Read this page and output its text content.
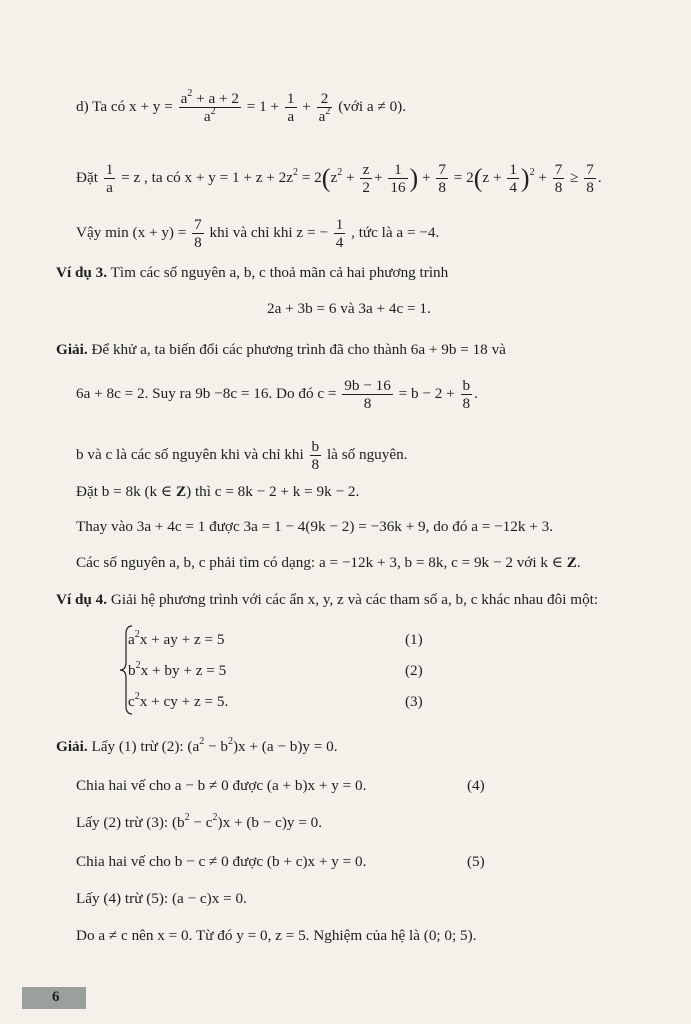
d) Ta có $x + y = \frac{a^2 + a + 2}{a^2} = 1 + \frac{1}{a} + \frac{2}{a^2}$ (với a ≠ 0).
Đặt $\frac{1}{a} = z$ , ta có $x + y = 1 + z + 2z^2 = 2(z^2 + \frac{z}{2} + \frac{1}{16}$ ) + $\frac{7}{8} = 2(z + \frac{1}{4} )^2 + \frac{7}{8} \ge \frac{7}{8}$ .
Vậy $\min (x + y) = \frac{7}{8}$ khi và chỉ khi z = − $\frac{1}{4}$ , tức là a = −4.
Ví dụ 3. Tìm các số nguyên a, b, c thoả mãn cả hai phương trình
2a + 3b = 6 và 3a + 4c = 1.
Giải. Để khử a, ta biến đổi các phương trình đã cho thành 6a + 9b = 18 và
6a + 8c = 2. Suy ra 9b −8c = 16. Do đó $c = \frac{9b - 16}{8} = b - 2 + \frac{b}{8}$ .
b và c là các số nguyên khi và chỉ khi $\frac{b}{8}$ là số nguyên.
Đặt b = 8k (k ∈ Z) thì c = 8k − 2 + k = 9k − 2.
Thay vào 3a + 4c = 1 được 3a = 1 − 4(9k − 2) = −36k + 9, do đó a = −12k + 3.
Các số nguyên a, b, c phải tìm có dạng: a = −12k + 3, b = 8k, c = 9k − 2 với k ∈ Z.
Ví dụ 4. Giải hệ phương trình với các ẩn x, y, z và các tham số a, b, c khác nhau đôi một:
$a^2x$ + ay + z = 5	(1)
$b^2x$ + by + z = 5	(2)
$c^2x$ + cy + z = 5.	(3)
Giải. Lấy (1) trừ (2): $(a^2 - b^2)x + (a - b)y = 0$.
Chia hai vế cho a − b ≠ 0 được (a + b)x + y = 0.	(4)
Lấy (2) trừ (3): $(b^2 - c^2)x + (b - c)y = 0$.
Chia hai vế cho b − c ≠ 0 được (b + c)x + y = 0.	(5)
Lấy (4) trừ (5): (a − c)x = 0.
Do a ≠ c nên x = 0. Từ đó y = 0, z = 5. Nghiệm của hệ là (0; 0; 5).
6
